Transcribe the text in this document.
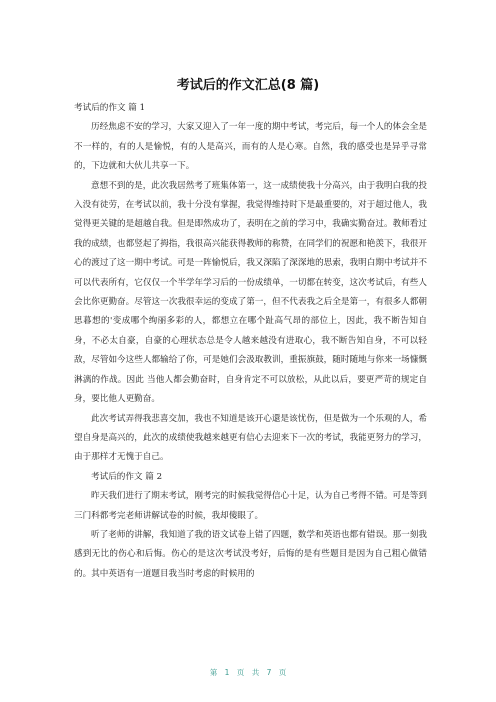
考试后的作文汇总(8 篇)

考试后的作文 篇 1

历经焦虑不安的学习，大家又迎入了一年一度的期中考试，考完后，每一个人的体会全是不一样的，有的人是愉悦，有的人是高兴，而有的人是心寒。自然，我的感受也是异乎寻常的，下边就和大伙儿共享一下。

意想不到的是，此次我居然考了班集体第一，这一成绩使我十分高兴，由于我明白我的投入没有徒劳，在考试以前，我十分没有掌握，我觉得维持时下是最重要的，对于超过他人，我觉得更关键的是超越自我。但是即然成功了，表明在之前的学习中，我确实勤奋过。教师看过我的成绩，也都竖起了拇指，我很高兴能获得教师的称赞，在同学们的祝愿和艳羡下，我很开心的渡过了这一期中考试。可是一阵愉悦后，我又深陷了深深地的思索，我明白期中考试并不可以代表所有，它仅仅一个半学年学习后的一份成绩单，一切都在转变，这次考试后，有些人会比你更勤奋。尽管这一次我很幸运的变成了第一，但不代表我之后全是第一，有很多人都朝思暮想的'变成哪个绚丽多彩的人，都想立在哪个趾高气昂的部位上，因此，我不断告知自身，不必太自豪，自豪的心理状态总是令人越来越没有进取心，我不断告知自身，不可以轻敌，尽管如今这些人都输给了你，可是她们会汲取教训，重振旗鼓，随时随地与你来一场慷慨淋漓的作战。因此 当他人都会勤奋时，自身肯定不可以放松，从此以后，要更严苛的规定自身，要比他人更勤奋。

此次考试弄得我悲喜交加，我也不知道是该开心還是该忧伤，但是做为一个乐观的人，希望自身是高兴的，此次的成绩使我越来越更有信心去迎来下一次的考试，我能更努力的学习，由于那样才无愧于自己。

考试后的作文 篇 2

昨天我们进行了期末考试，刚考完的时候我觉得信心十足，认为自己考得不错。可是等到三门科都考完老师讲解试卷的时候，我却傻眼了。

听了老师的讲解，我知道了我的语文试卷上错了四题，数学和英语也都有错误。那一刻我感到无比的伤心和后悔。伤心的是这次考试没考好，后悔的是有些题目是因为自己粗心做错的。其中英语有一道题目我当时考虑的时候用的

第 1 页 共 7 页
